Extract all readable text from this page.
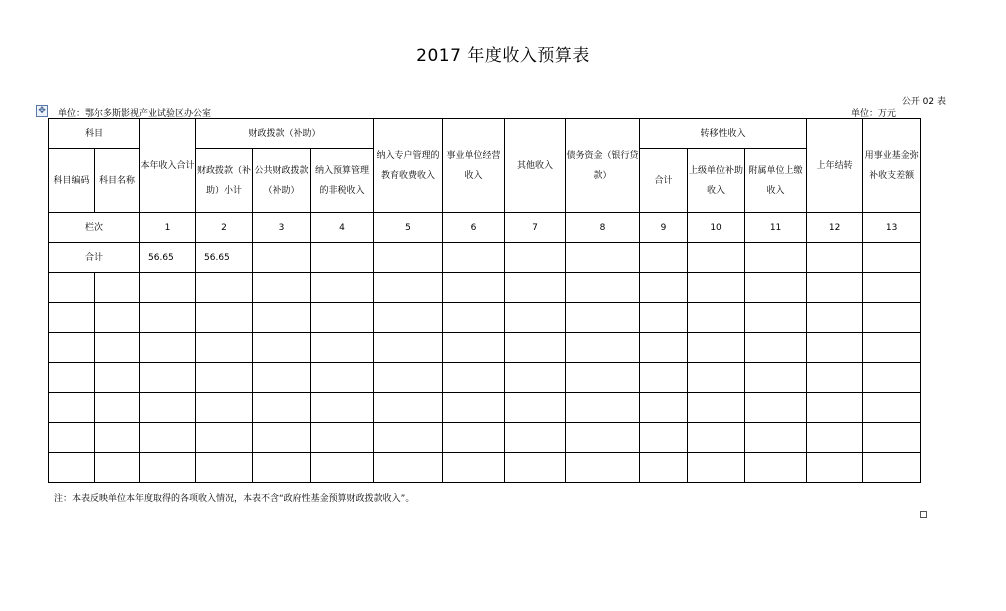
2017 年度收入预算表
公开 02 表
✥ 单位：鄂尔多斯影视产业试验区办公室	单位：万元
科目		本年收入合计	财政拨款（补助）			纳入专户管理的教育收费收入	事业单位经营收入	其他收入	债务资金（银行贷款）	转移性收入			上年结转	用事业基金弥补收支差额
科目编码	科目名称		财政拨款（补助）小计	公共财政拨款（补助）	纳入预算管理的非税收入					合计	上级单位补助收入	附属单位上缴收入		
栏次		1	2	3	4	5	6	7	8	9	10	11	12	13
合计		56.65	56.65											

注：本表反映单位本年度取得的各项收入情况，本表不含“政府性基金预算财政拨款收入”。
